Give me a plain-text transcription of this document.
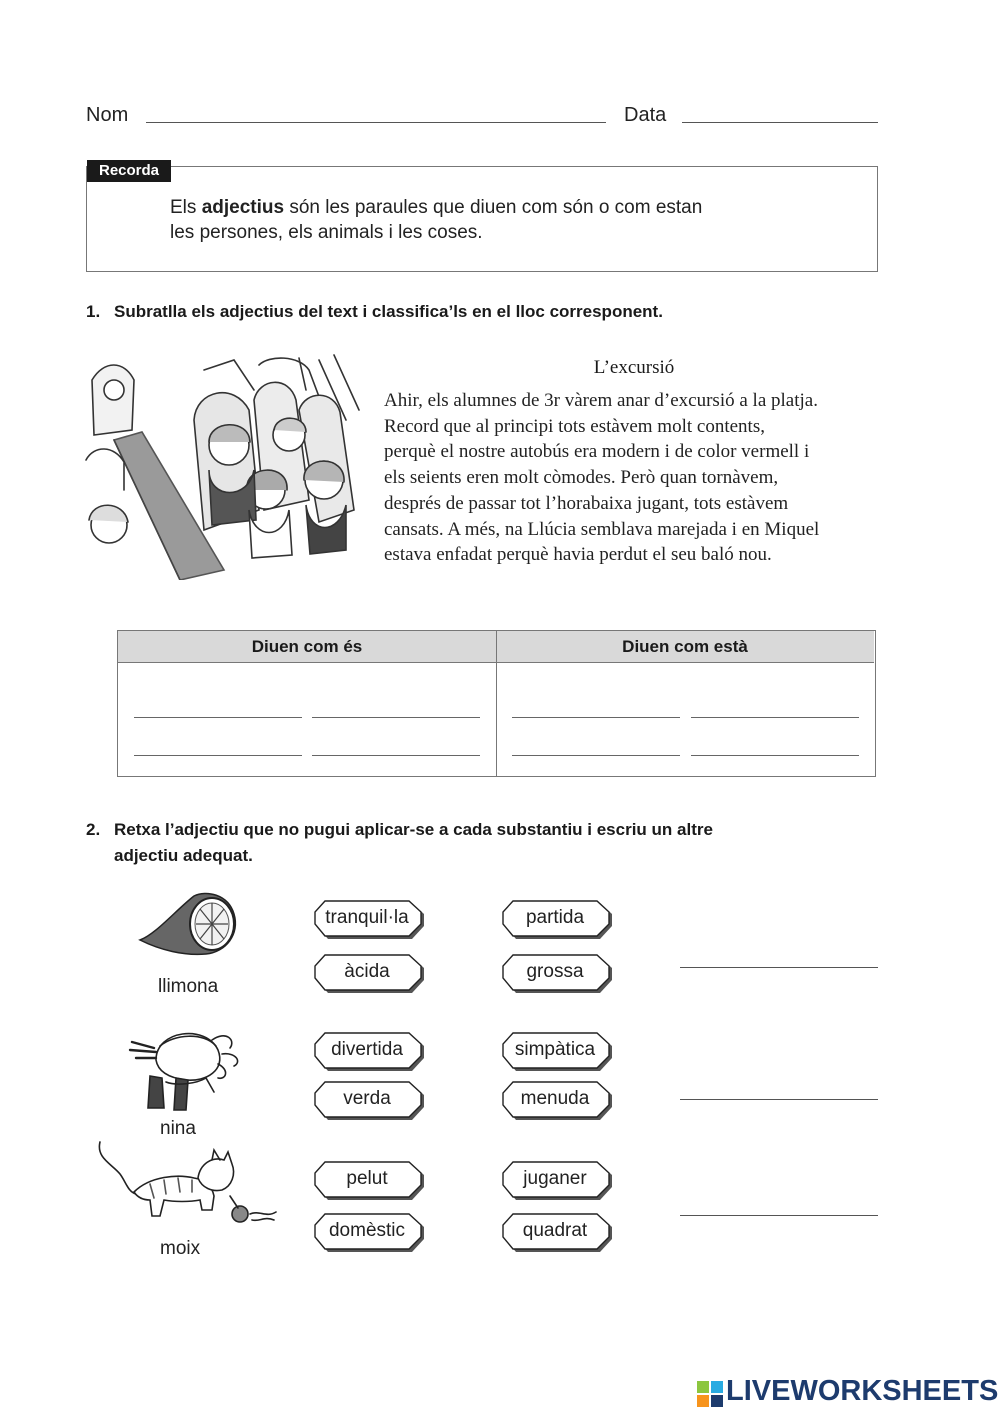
Nom	Data
Recorda
Els adjectius són les paraules que diuen com són o com estan
les persones, els animals i les coses.
1. Subratlla els adjectius del text i classifica’ls en el lloc corresponent.
L’excursió
Ahir, els alumnes de 3r vàrem anar d’excursió a la platja.
Record que al principi tots estàvem molt contents,
perquè el nostre autobús era modern i de color vermell i
els seients eren molt còmodes. Però quan tornàvem,
després de passar tot l’horabaixa jugant, tots estàvem
cansats. A més, na Llúcia semblava marejada i en Miquel
estava enfadat perquè havia perdut el seu baló nou.
Diuen com és	Diuen com està
2. Retxa l’adjectiu que no pugui aplicar-se a cada substantiu i escriu un altre
adjectiu adequat.
llimona
nina
moix
tranquil·la	partida
àcida	grossa
divertida	simpàtica
verda	menuda
pelut	juganer
domèstic	quadrat
LIVEWORKSHEETS
